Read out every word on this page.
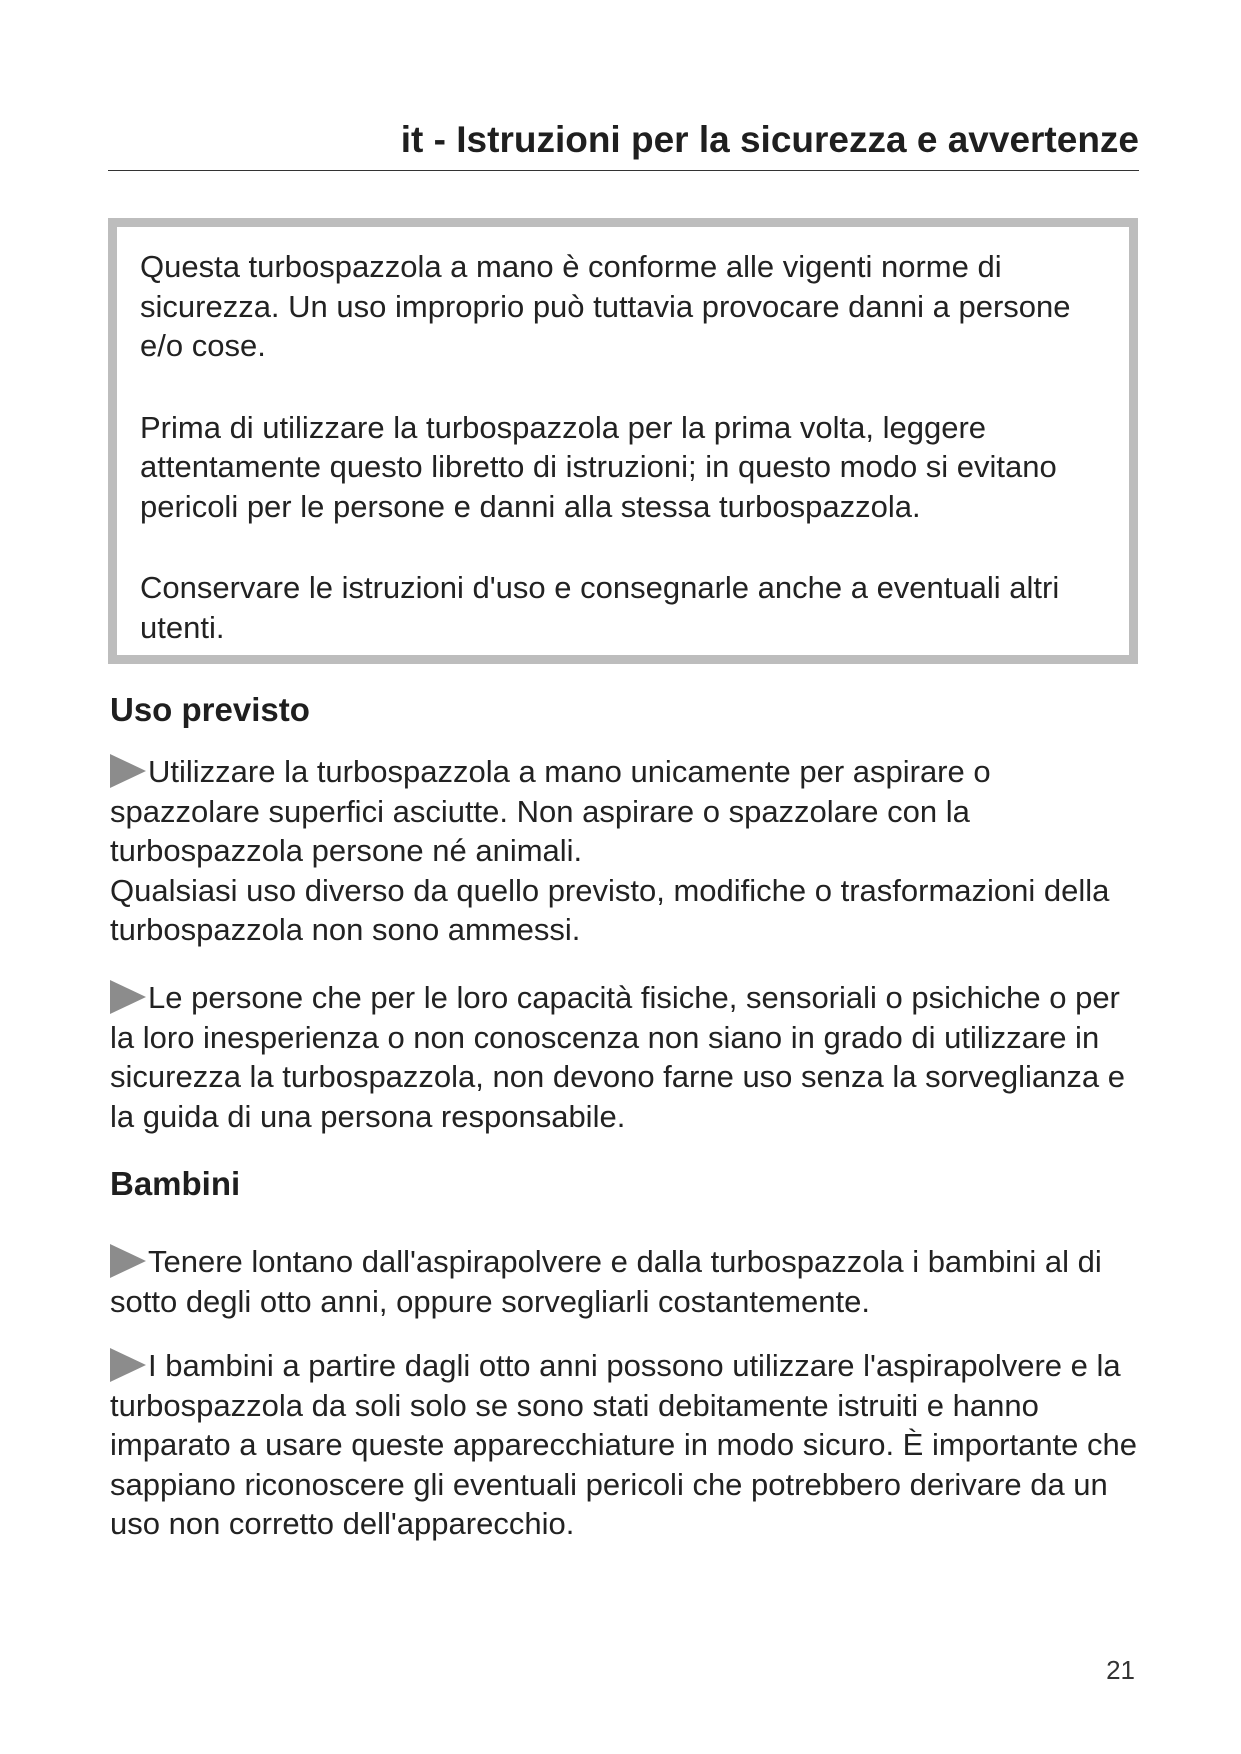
it - Istruzioni per la sicurezza e avvertenze

Questa turbospazzola a mano è conforme alle vigenti norme di sicurezza. Un uso improprio può tuttavia provocare danni a persone e/o cose.

Prima di utilizzare la turbospazzola per la prima volta, leggere attentamente questo libretto di istruzioni; in questo modo si evitano pericoli per le persone e danni alla stessa turbospazzola.

Conservare le istruzioni d'uso e consegnarle anche a eventuali altri utenti.

Uso previsto

Utilizzare la turbospazzola a mano unicamente per aspirare o spazzolare superfici asciutte. Non aspirare o spazzolare con la turbospazzola persone né animali.

Qualsiasi uso diverso da quello previsto, modifiche o trasformazioni della turbospazzola non sono ammessi.

Le persone che per le loro capacità fisiche, sensoriali o psichiche o per la loro inesperienza o non conoscenza non siano in grado di utilizzare in sicurezza la turbospazzola, non devono farne uso senza la sorveglianza e la guida di una persona responsabile.

Bambini

Tenere lontano dall'aspirapolvere e dalla turbospazzola i bambini al di sotto degli otto anni, oppure sorvegliarli costantemente.

I bambini a partire dagli otto anni possono utilizzare l'aspirapolvere e la turbospazzola da soli solo se sono stati debitamente istruiti e hanno imparato a usare queste apparecchiature in modo sicuro. È importante che sappiano riconoscere gli eventuali pericoli che potrebbero derivare da un uso non corretto dell'apparecchio.

21
